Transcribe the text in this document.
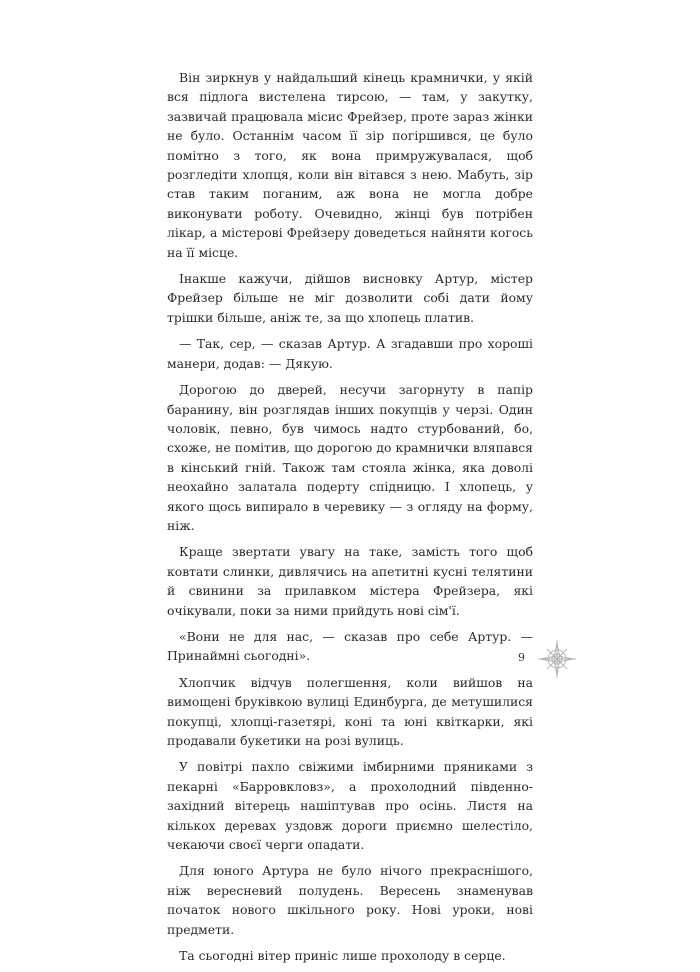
Він зиркнув у найдальший кінець крамнички, у якій вся підлога вистелена тирсою, — там, у закутку, зазвичай працювала місис Фрейзер, проте зараз жінки не було. Останнім часом її зір погіршився, це було помітно з того, як вона примружувалася, щоб розгледіти хлопця, коли він вітався з нею. Мабуть, зір став таким поганим, аж вона не могла добре виконувати роботу. Очевидно, жінці був потрібен лікар, а містерові Фрейзеру доведеться найняти когось на її місце.

Інакше кажучи, дійшов висновку Артур, містер Фрейзер більше не міг дозволити собі дати йому трішки більше, аніж те, за що хлопець платив.

— Так, сер, — сказав Артур. А згадавши про хороші манери, додав: — Дякую.

Дорогою до дверей, несучи загорнуту в папір баранину, він розглядав інших покупців у черзі. Один чоловік, певно, був чимось надто стурбований, бо, схоже, не помітив, що дорогою до крамнички вляпався в кінський гній. Також там стояла жінка, яка доволі неохайно залатала подерту спідницю. І хлопець, у якого щось випирало в черевику — з огляду на форму, ніж.

Краще звертати увагу на таке, замість того щоб ковтати слинки, дивлячись на апетитні кусні телятини й свинини за прилавком містера Фрейзера, які очікували, поки за ними прийдуть нові сім'ї.

«Вони не для нас, — сказав про себе Артур. — Принаймні сьогодні».

Хлопчик відчув полегшення, коли вийшов на вимощені бруківкою вулиці Единбурга, де метушилися покупці, хлопці-газетярі, коні та юні квіткарки, які продавали букетики на розі вулиць.

У повітрі пахло свіжими імбирними пряниками з пекарні «Барровкловз», а прохолодний південно-західний вітерець нашіптував про осінь. Листя на кількох деревах уздовж дороги приємно шелестіло, чекаючи своєї черги опадати.

Для юного Артура не було нічого прекраснішого, ніж вересневий полудень. Вересень знаменував початок нового шкільного року. Нові уроки, нові предмети.

Та сьогодні вітер приніс лише прохолоду в серце.

9
